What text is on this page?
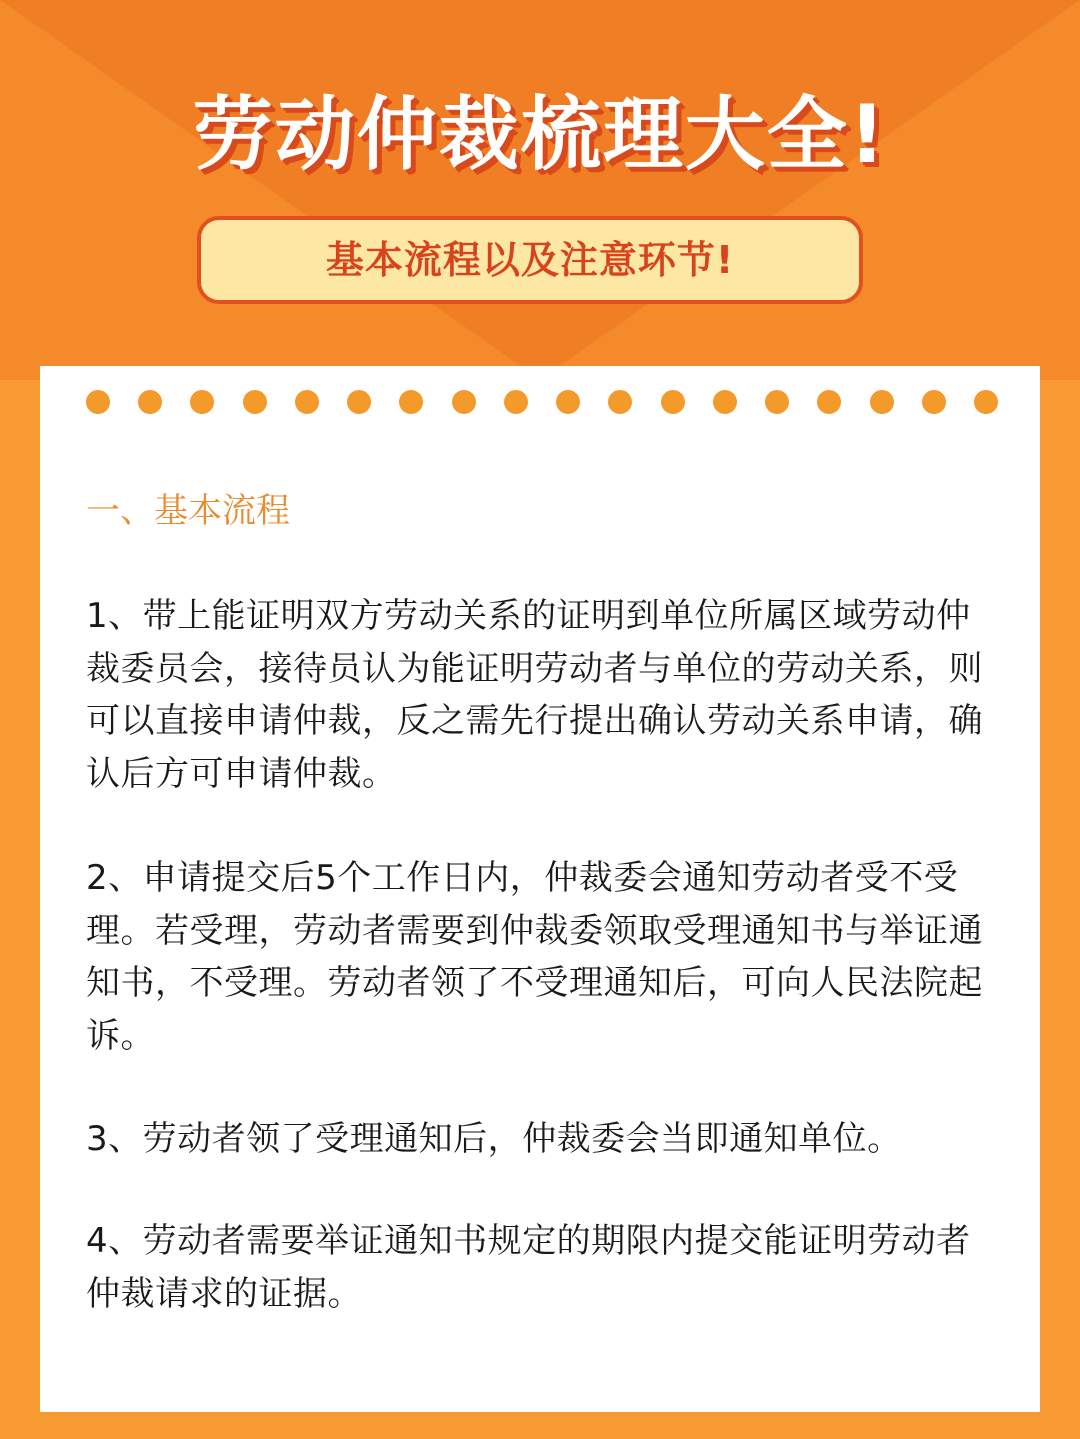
劳动仲裁梳理大全!
基本流程以及注意环节!
一、基本流程

1、带上能证明双方劳动关系的证明到单位所属区域劳动仲裁委员会，接待员认为能证明劳动者与单位的劳动关系，则可以直接申请仲裁，反之需先行提出确认劳动关系申请，确认后方可申请仲裁。

2、申请提交后5个工作日内，仲裁委会通知劳动者受不受理。若受理，劳动者需要到仲裁委领取受理通知书与举证通知书，不受理。劳动者领了不受理通知后，可向人民法院起诉。

3、劳动者领了受理通知后，仲裁委会当即通知单位。

4、劳动者需要举证通知书规定的期限内提交能证明劳动者仲裁请求的证据。
